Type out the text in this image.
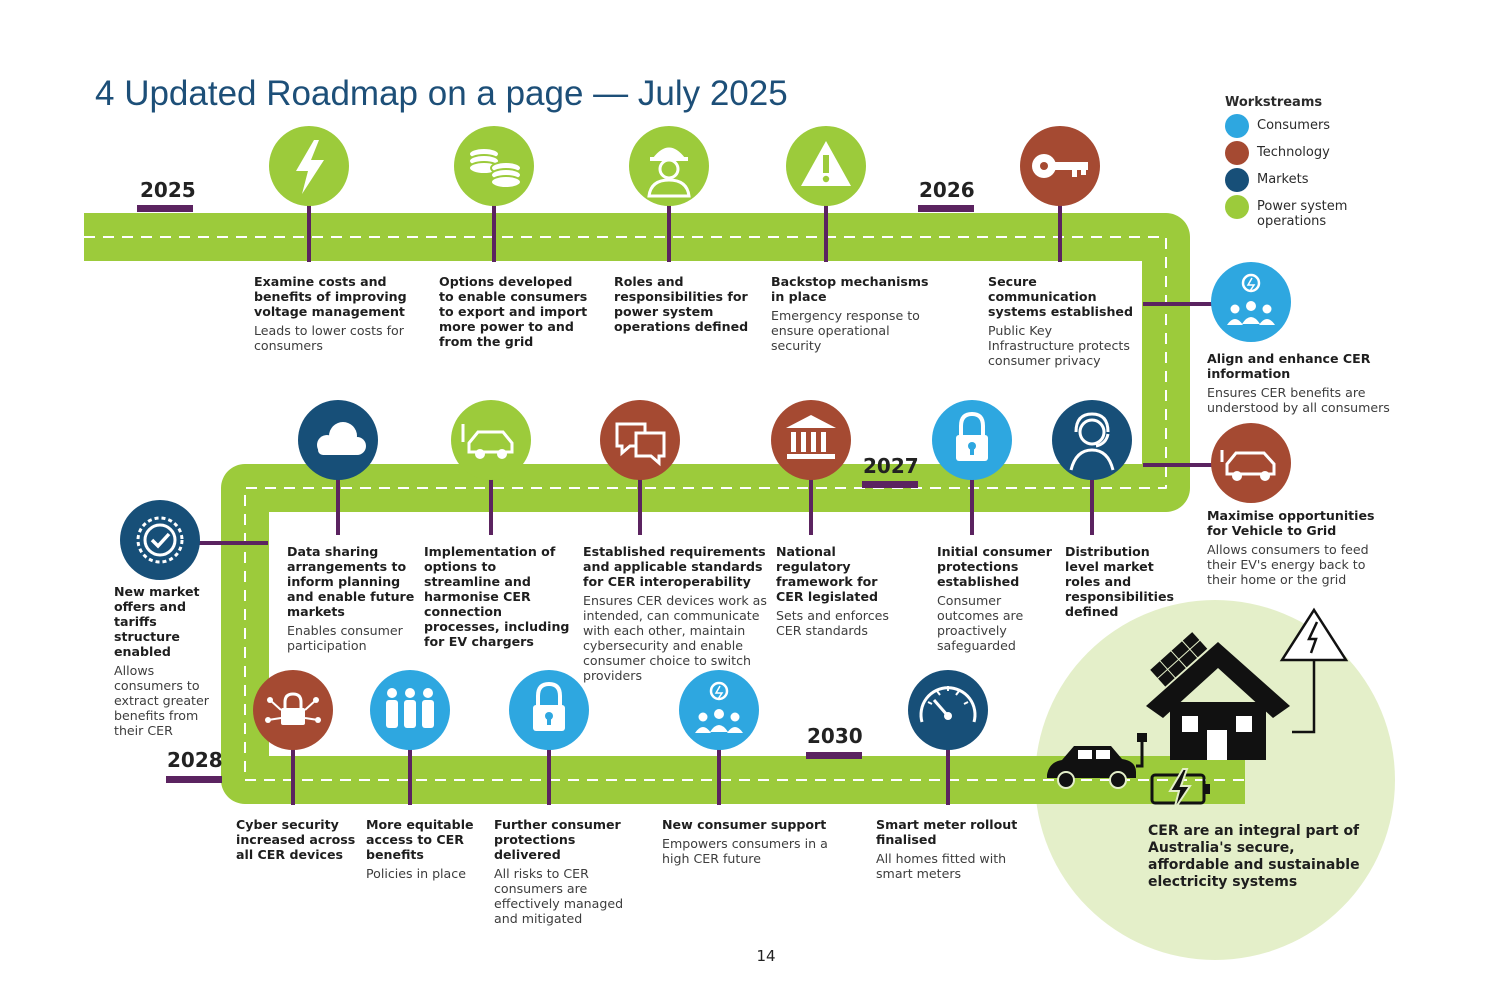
4 Updated Roadmap on a page — July 2025	Workstreams
Consumers
Technology
Markets
Power system operations
2025	2026
2027
2028
2030
Examine costs and benefits of improving voltage management
Leads to lower costs for consumers
Options developed to enable consumers to export and import more power to and from the grid
Roles and responsibilities for power system operations defined
Backstop mechanisms in place
Emergency response to ensure operational security
Secure communication systems established
Public Key Infrastructure protects consumer privacy	Align and enhance CER information
Ensures CER benefits are understood by all consumers
Maximise opportunities for Vehicle to Grid
Allows consumers to feed their EV's energy back to their home or the grid
Distribution level market roles and responsibilities defined
Initial consumer protections established
Consumer outcomes are proactively safeguarded
National regulatory framework for CER legislated
Sets and enforces CER standards
Established requirements and applicable standards for CER interoperability
Ensures CER devices work as intended, can communicate with each other, maintain cybersecurity and enable consumer choice to switch providers
Implementation of options to streamline and harmonise CER connection processes, including for EV chargers
Data sharing arrangements to inform planning and enable future markets
Enables consumer participation
New market offers and tariffs structure enabled
Allows consumers to extract greater benefits from their CER
Cyber security increased across all CER devices
More equitable access to CER benefits
Policies in place
Further consumer protections delivered
All risks to CER consumers are effectively managed and mitigated
New consumer support
Empowers consumers in a high CER future
Smart meter rollout finalised
All homes fitted with smart meters
CER are an integral part of Australia's secure, affordable and sustainable electricity systems
14
